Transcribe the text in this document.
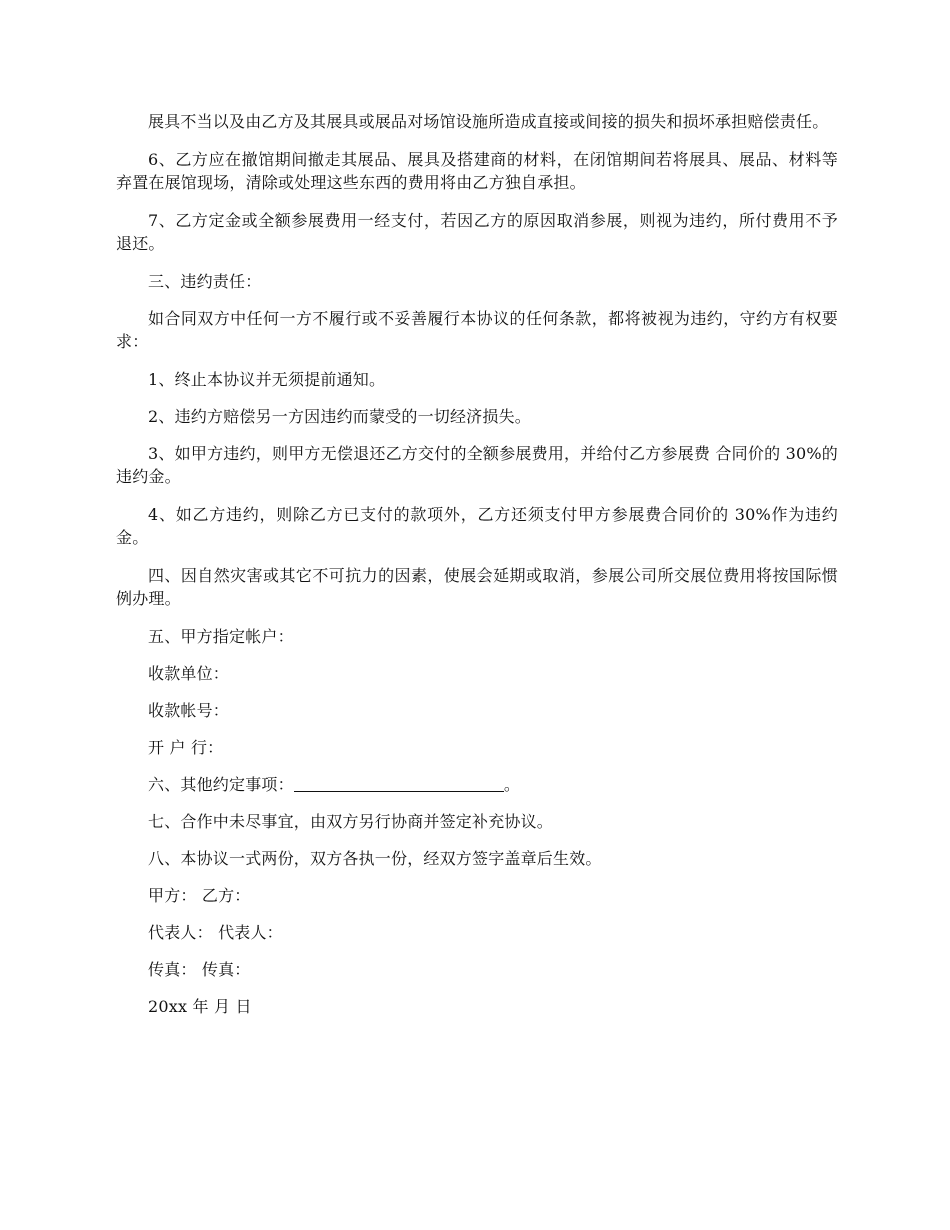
展具不当以及由乙方及其展具或展品对场馆设施所造成直接或间接的损失和损坏承担赔偿责任。

6、乙方应在撤馆期间撤走其展品、展具及搭建商的材料，在闭馆期间若将展具、展品、材料等弃置在展馆现场，清除或处理这些东西的费用将由乙方独自承担。

7、乙方定金或全额参展费用一经支付，若因乙方的原因取消参展，则视为违约，所付费用不予退还。

三、违约责任：

如合同双方中任何一方不履行或不妥善履行本协议的任何条款，都将被视为违约，守约方有权要求：

1、终止本协议并无须提前通知。

2、违约方赔偿另一方因违约而蒙受的一切经济损失。

3、如甲方违约，则甲方无偿退还乙方交付的全额参展费用，并给付乙方参展费 合同价的 30%的违约金。

4、如乙方违约，则除乙方已支付的款项外，乙方还须支付甲方参展费合同价的 30%作为违约金。

四、因自然灾害或其它不可抗力的因素，使展会延期或取消，参展公司所交展位费用将按国际惯例办理。

五、甲方指定帐户：

收款单位：

收款帐号：

开 户 行：

六、其他约定事项：	。

七、合作中未尽事宜，由双方另行协商并签定补充协议。

八、本协议一式两份，双方各执一份，经双方签字盖章后生效。

甲方： 乙方：

代表人： 代表人：

传真： 传真：

20xx 年 月 日
